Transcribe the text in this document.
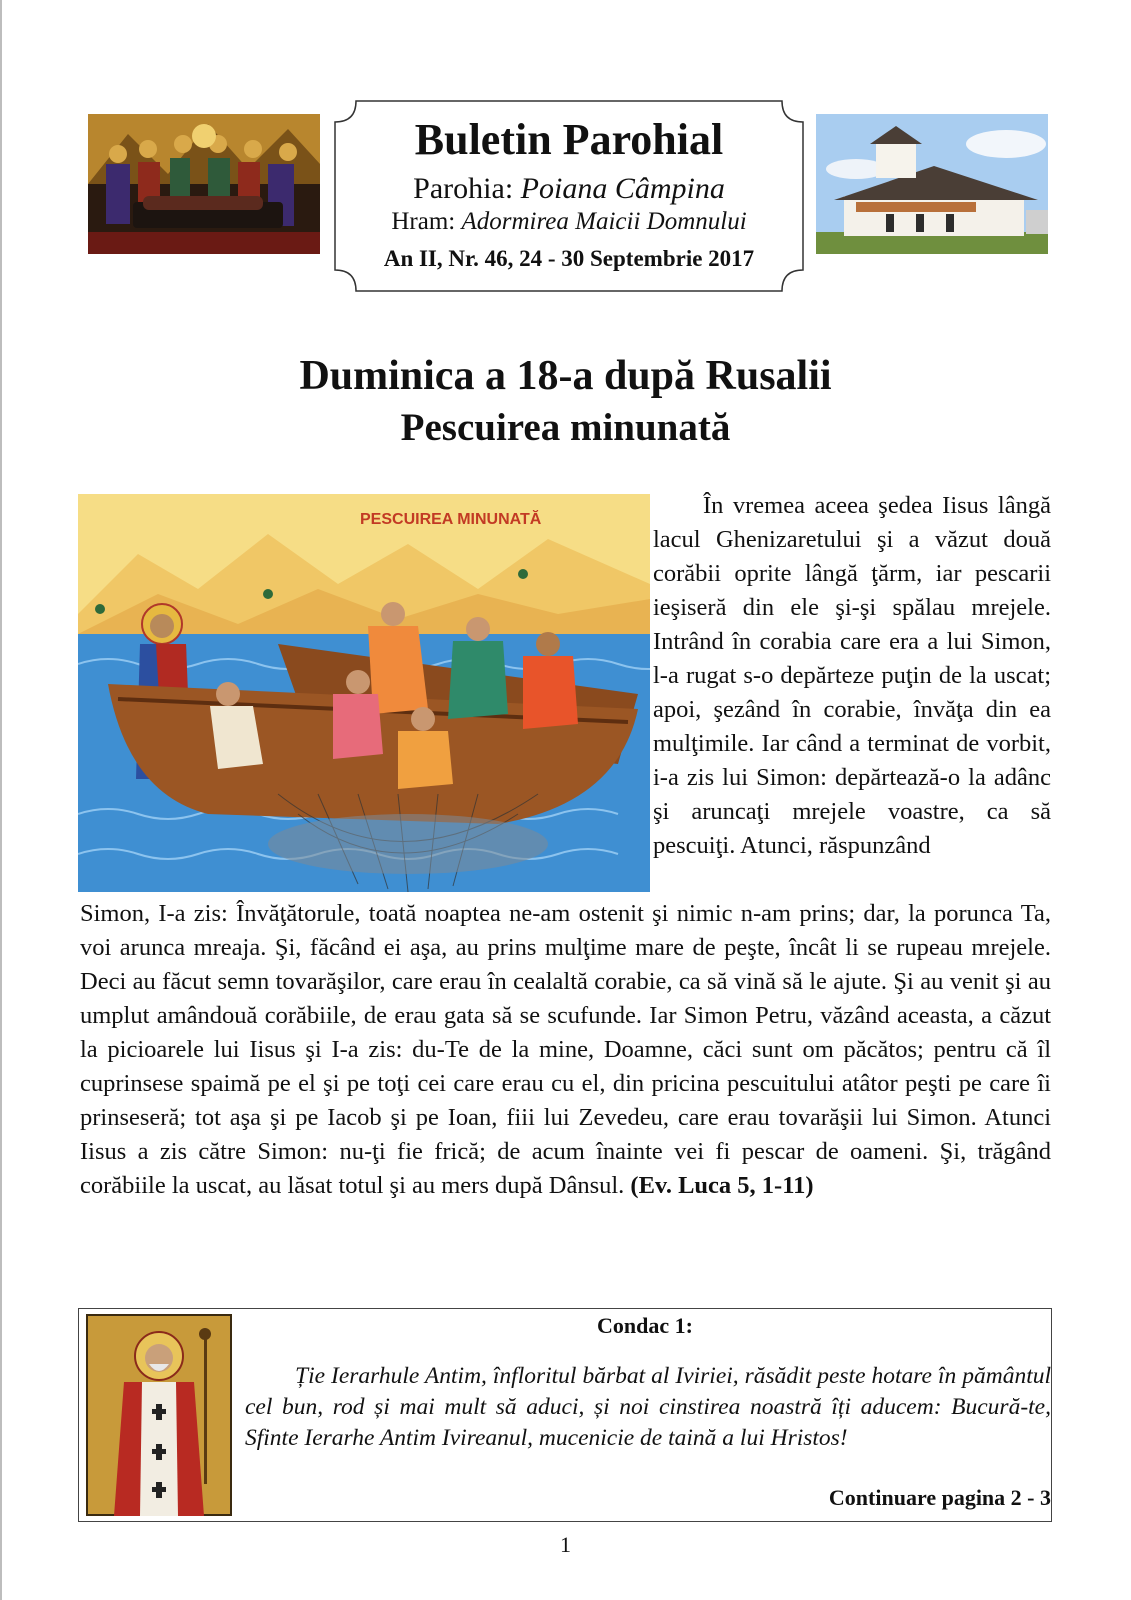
Buletin Parohial
Parohia: Poiana Câmpina
Hram: Adormirea Maicii Domnului
An II, Nr. 46, 24 - 30 Septembrie 2017
Duminica a 18-a după Rusalii
Pescuirea minunată
PESCUIREA MINUNATĂ

În vremea aceea şedea Iisus lângă lacul Ghenizaretului şi a văzut două corăbii oprite lângă ţărm, iar pescarii ieşiseră din ele şi-şi spălau mrejele. Intrând în corabia care era a lui Simon, l-a rugat s-o depărteze puţin de la uscat; apoi, şezând în corabie, învăţa din ea mulţimile. Iar când a terminat de vorbit, i-a zis lui Simon: depărtează-o la adânc şi aruncaţi mrejele voastre, ca să pescuiţi. Atunci, răspunzând

Simon, I-a zis: Învăţătorule, toată noaptea ne-am ostenit şi nimic n-am prins; dar, la porunca Ta, voi arunca mreaja. Şi, făcând ei aşa, au prins mulţime mare de peşte, încât li se rupeau mrejele. Deci au făcut semn tovarăşilor, care erau în cealaltă corabie, ca să vină să le ajute. Şi au venit şi au umplut amândouă corăbiile, de erau gata să se scufunde. Iar Simon Petru, văzând aceasta, a căzut la picioarele lui Iisus şi I-a zis: du-Te de la mine, Doamne, căci sunt om păcătos; pentru că îl cuprinsese spaimă pe el şi pe toţi cei care erau cu el, din pricina pescuitului atâtor peşti pe care îi prinseseră; tot aşa şi pe Iacob şi pe Ioan, fiii lui Zevedeu, care erau tovarăşii lui Simon. Atunci Iisus a zis către Simon: nu-ţi fie frică; de acum înainte vei fi pescar de oameni. Şi, trăgând corăbiile la uscat, au lăsat totul şi au mers după Dânsul. (Ev. Luca 5, 1-11)

Condac 1:

Ție Ierarhule Antim, înfloritul bărbat al Iviriei, răsădit peste hotare în pământul cel bun, rod și mai mult să aduci, și noi cinstirea noastră îți aducem: Bucură-te, Sfinte Ierarhe Antim Ivireanul, mucenicie de taină a lui Hristos!

Continuare pagina 2 - 3
1
